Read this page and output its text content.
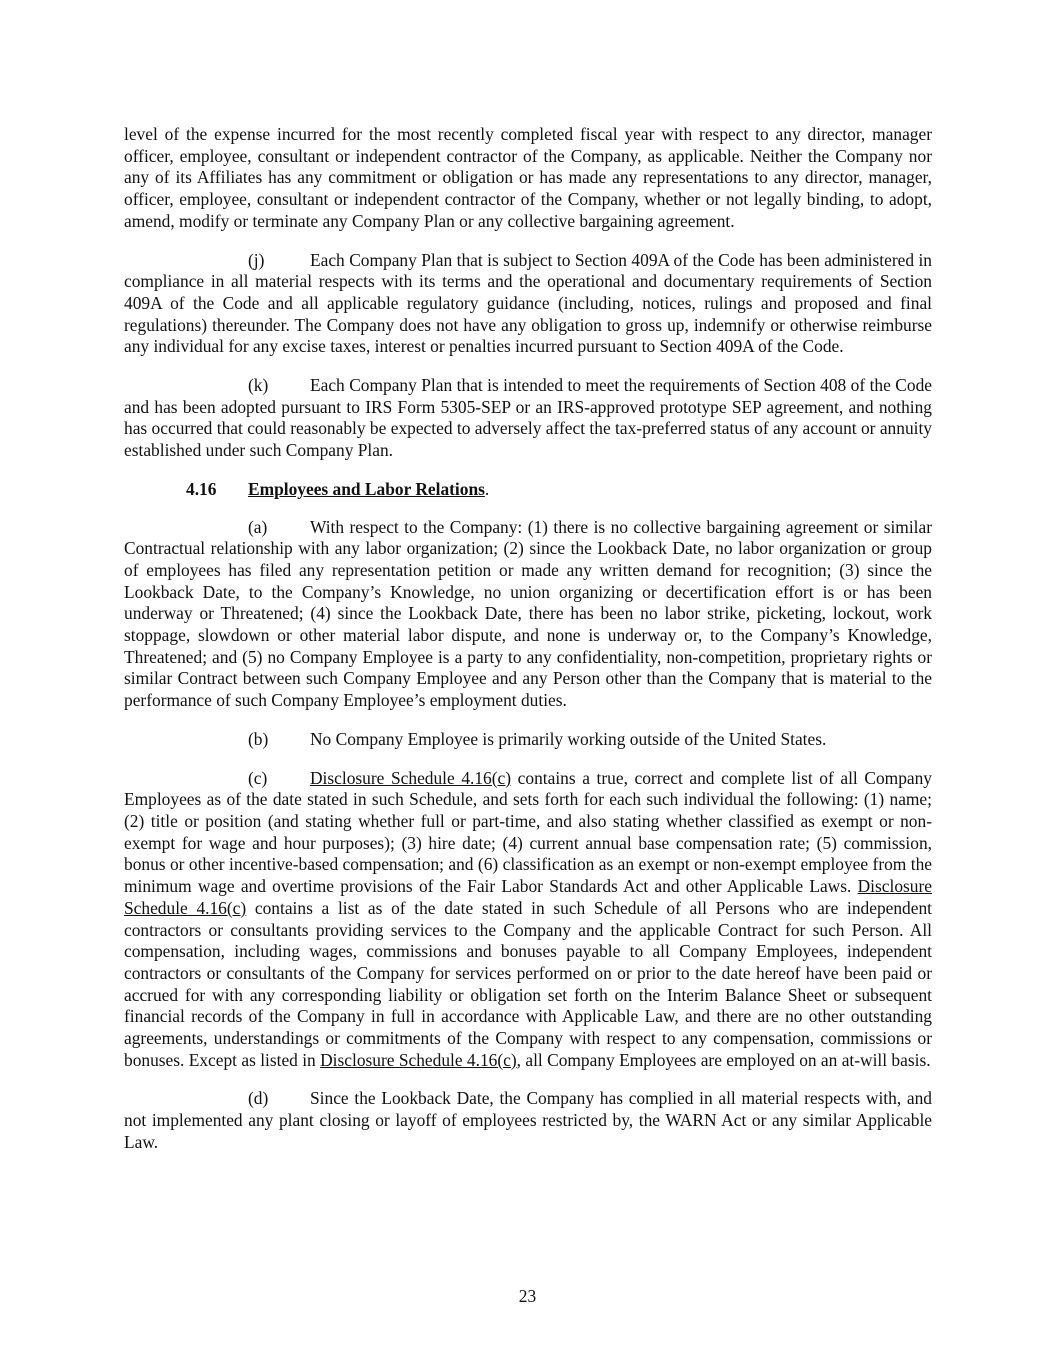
level of the expense incurred for the most recently completed fiscal year with respect to any director, manager officer, employee, consultant or independent contractor of the Company, as applicable. Neither the Company nor any of its Affiliates has any commitment or obligation or has made any representations to any director, manager, officer, employee, consultant or independent contractor of the Company, whether or not legally binding, to adopt, amend, modify or terminate any Company Plan or any collective bargaining agreement.

(j)	Each Company Plan that is subject to Section 409A of the Code has been administered in compliance in all material respects with its terms and the operational and documentary requirements of Section 409A of the Code and all applicable regulatory guidance (including, notices, rulings and proposed and final regulations) thereunder. The Company does not have any obligation to gross up, indemnify or otherwise reimburse any individual for any excise taxes, interest or penalties incurred pursuant to Section 409A of the Code.

(k) Each Company Plan that is intended to meet the requirements of Section 408 of the Code and has been adopted pursuant to IRS Form 5305-SEP or an IRS-approved prototype SEP agreement, and nothing has occurred that could reasonably be expected to adversely affect the tax-preferred status of any account or annuity established under such Company Plan.

4.16 Employees and Labor Relations.

(a) With respect to the Company: (1) there is no collective bargaining agreement or similar Contractual relationship with any labor organization; (2) since the Lookback Date, no labor organization or group of employees has filed any representation petition or made any written demand for recognition; (3) since the Lookback Date, to the Company’s Knowledge, no union organizing or decertification effort is or has been underway or Threatened; (4) since the Lookback Date, there has been no labor strike, picketing, lockout, work stoppage, slowdown or other material labor dispute, and none is underway or, to the Company’s Knowledge, Threatened; and (5) no Company Employee is a party to any confidentiality, non-competition, proprietary rights or similar Contract between such Company Employee and any Person other than the Company that is material to the performance of such Company Employee’s employment duties.

(b) No Company Employee is primarily working outside of the United States.

(c) Disclosure Schedule 4.16(c) contains a true, correct and complete list of all Company Employees as of the date stated in such Schedule, and sets forth for each such individual the following: (1) name; (2) title or position (and stating whether full or part-time, and also stating whether classified as exempt or non-exempt for wage and hour purposes); (3) hire date; (4) current annual base compensation rate; (5) commission, bonus or other incentive-based compensation; and (6) classification as an exempt or non-exempt employee from the minimum wage and overtime provisions of the Fair Labor Standards Act and other Applicable Laws. Disclosure Schedule 4.16(c) contains a list as of the date stated in such Schedule of all Persons who are independent contractors or consultants providing services to the Company and the applicable Contract for such Person. All compensation, including wages, commissions and bonuses payable to all Company Employees, independent contractors or consultants of the Company for services performed on or prior to the date hereof have been paid or accrued for with any corresponding liability or obligation set forth on the Interim Balance Sheet or subsequent financial records of the Company in full in accordance with Applicable Law, and there are no other outstanding agreements, understandings or commitments of the Company with respect to any compensation, commissions or bonuses. Except as listed in Disclosure Schedule 4.16(c), all Company Employees are employed on an at-will basis.

(d) Since the Lookback Date, the Company has complied in all material respects with, and not implemented any plant closing or layoff of employees restricted by, the WARN Act or any similar Applicable Law.

23
